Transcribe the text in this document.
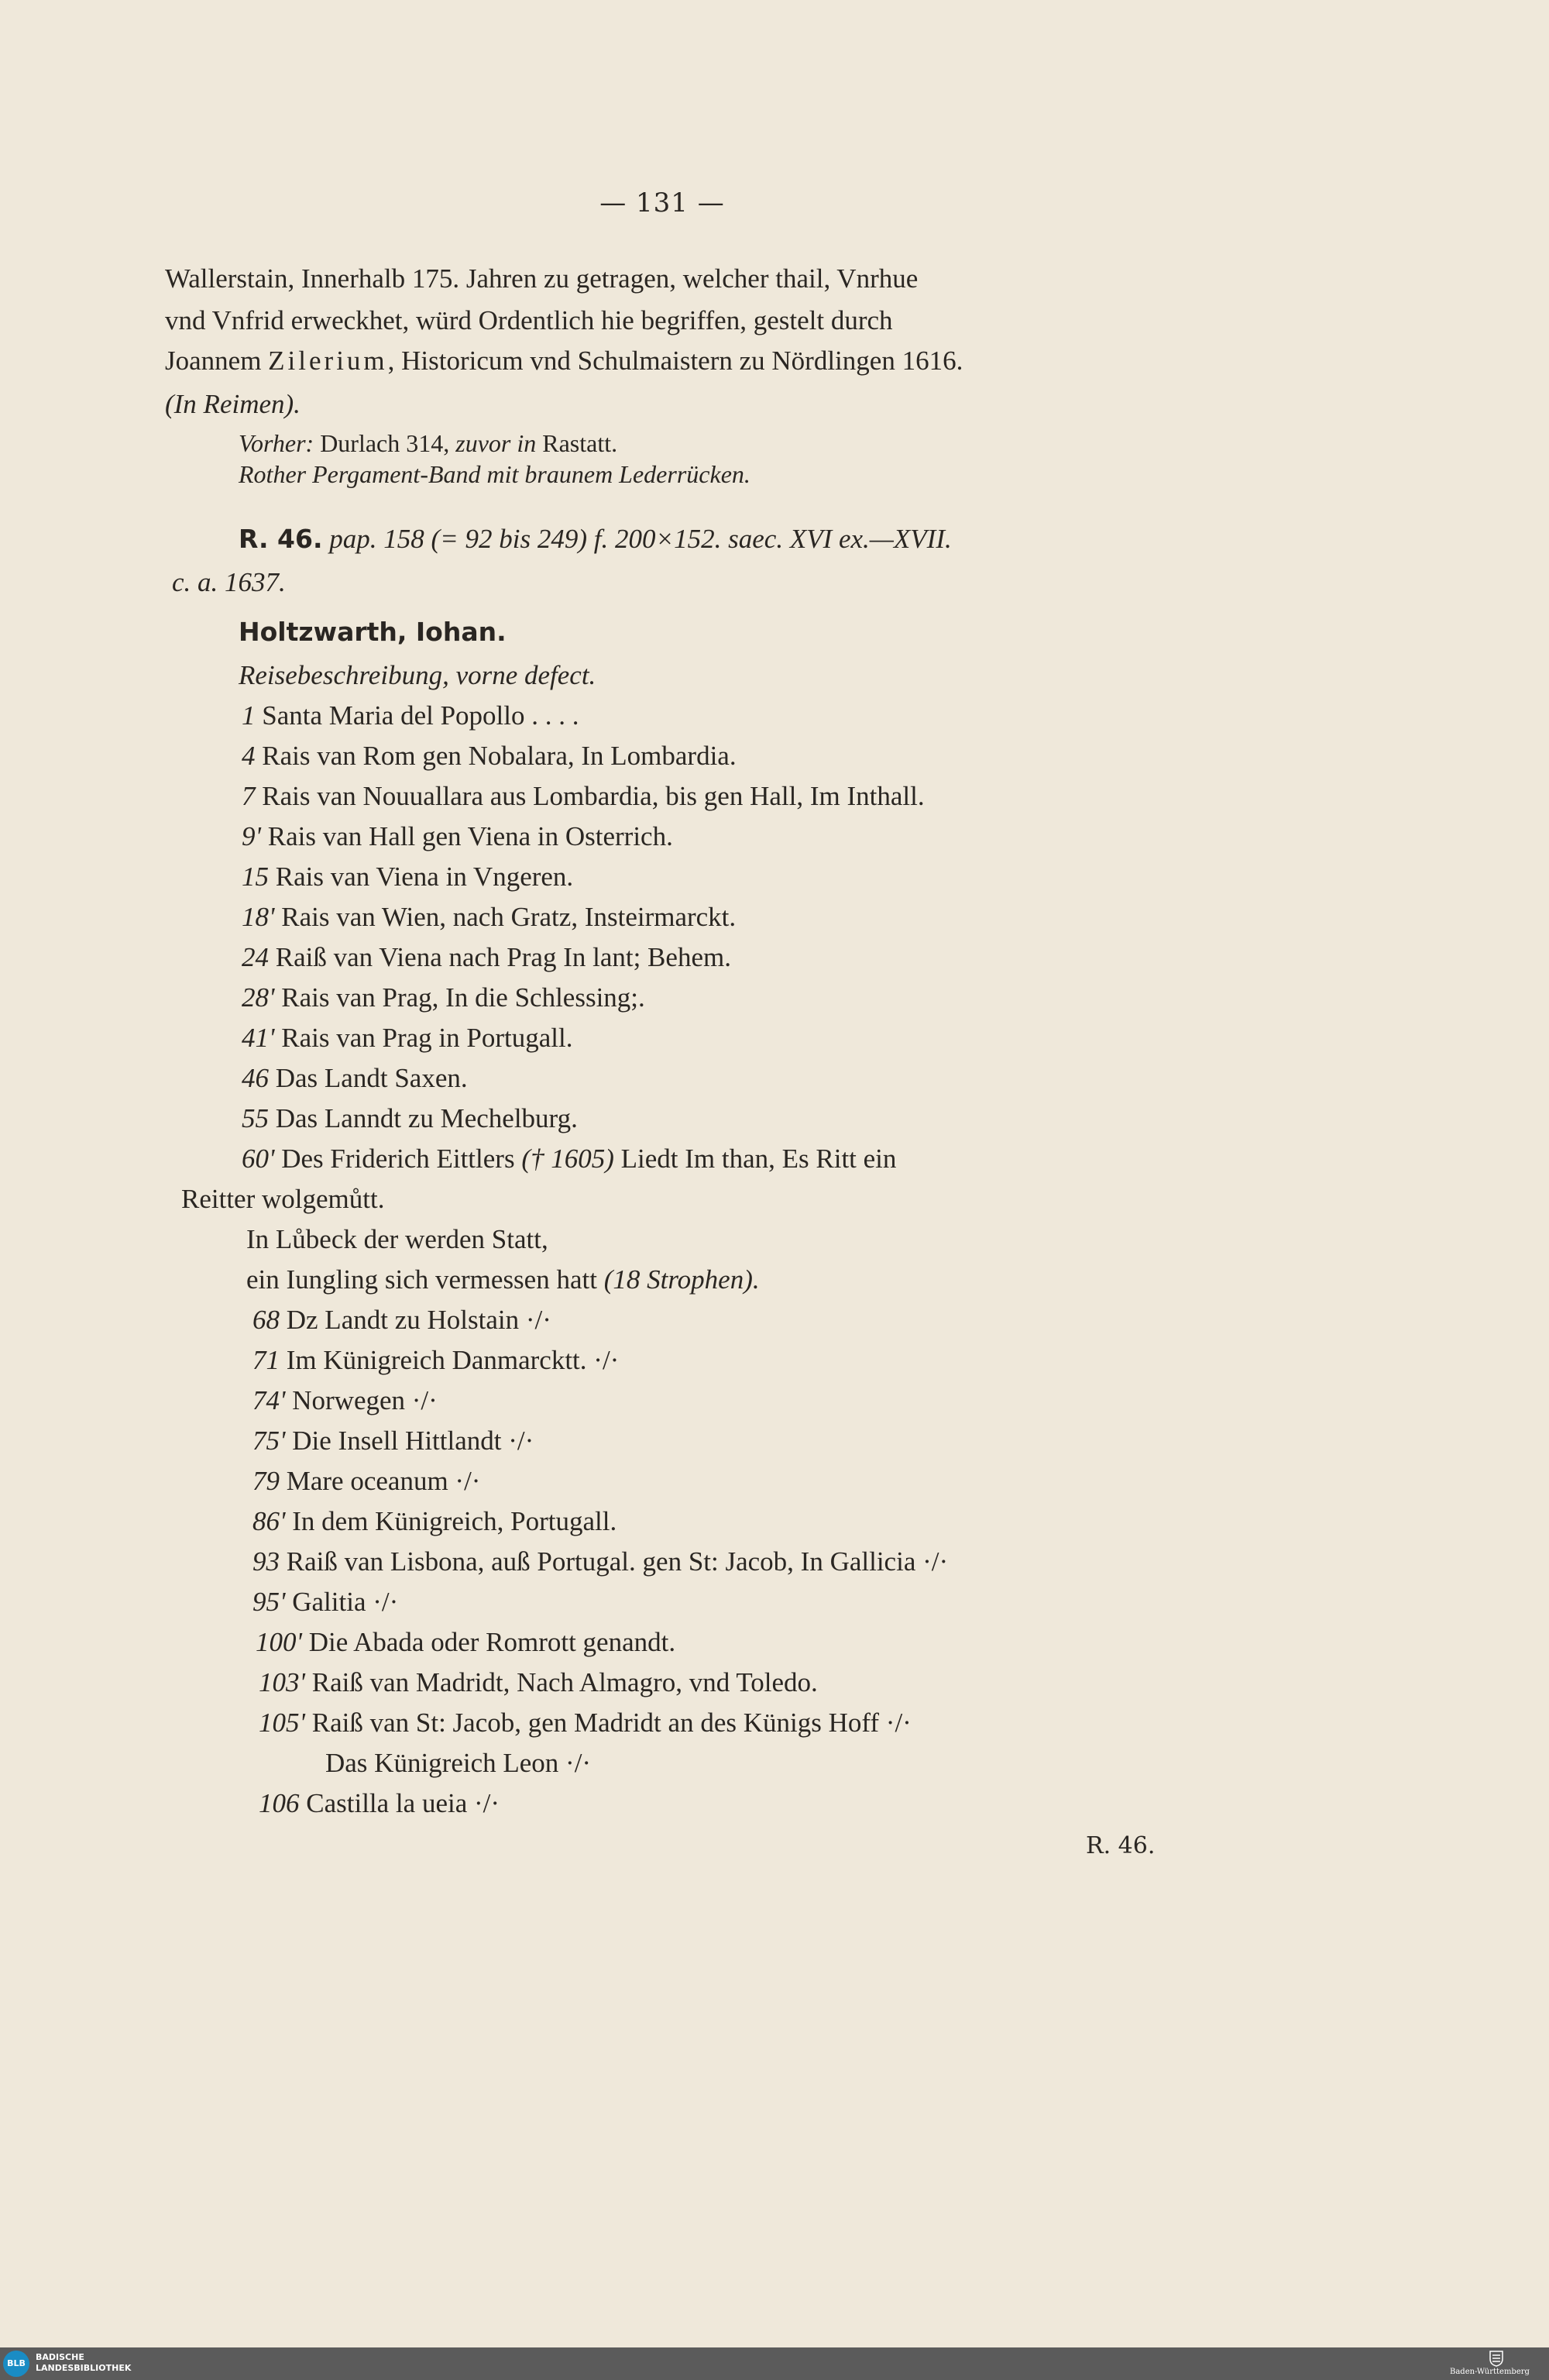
— 131 —
Wallerstain, Innerhalb 175. Jahren zu getragen, welcher thail, Vnrhue
vnd Vnfrid erweckhet, würd Ordentlich hie begriffen, gestelt durch
Joannem Zilerium, Historicum vnd Schulmaistern zu Nördlingen 1616.
(In Reimen).
Vorher: Durlach 314, zuvor in Rastatt.
Rother Pergament-Band mit braunem Lederrücken.
R. 46. pap. 158 (= 92 bis 249) f. 200×152. saec. XVI ex.—XVII.
c. a. 1637.
Holtzwarth, Iohan.
Reisebeschreibung, vorne defect.
1 Santa Maria del Popollo . . . .
4 Rais van Rom gen Nobalara, In Lombardia.
7 Rais van Nouuallara aus Lombardia, bis gen Hall, Im Inthall.
9' Rais van Hall gen Viena in Osterrich.
15 Rais van Viena in Vngeren.
18' Rais van Wien, nach Gratz, Insteirmarckt.
24 Raiß van Viena nach Prag In lant; Behem.
28' Rais van Prag, In die Schlessing;.
41' Rais van Prag in Portugall.
46 Das Landt Saxen.
55 Das Lanndt zu Mechelburg.
60' Des Friderich Eittlers († 1605) Liedt Im than, Es Ritt ein
Reitter wolgemůtt.
In Lůbeck der werden Statt,
ein Iungling sich vermessen hatt (18 Strophen).
68 Dz Landt zu Holstain ·/·
71 Im Künigreich Danmarcktt. ·/·
74' Norwegen ·/·
75' Die Insell Hittlandt ·/·
79 Mare oceanum ·/·
86' In dem Künigreich, Portugall.
93 Raiß van Lisbona, auß Portugal. gen St: Jacob, In Gallicia ·/·
95' Galitia ·/·
100' Die Abada oder Romrott genandt.
103' Raiß van Madridt, Nach Almagro, vnd Toledo.
105' Raiß van St: Jacob, gen Madridt an des Künigs Hoff ·/·
Das Künigreich Leon ·/·
106 Castilla la ueia ·/·
R. 46.
BLB
BADISCHE
LANDESBIBLIOTHEK	Baden-Württemberg
